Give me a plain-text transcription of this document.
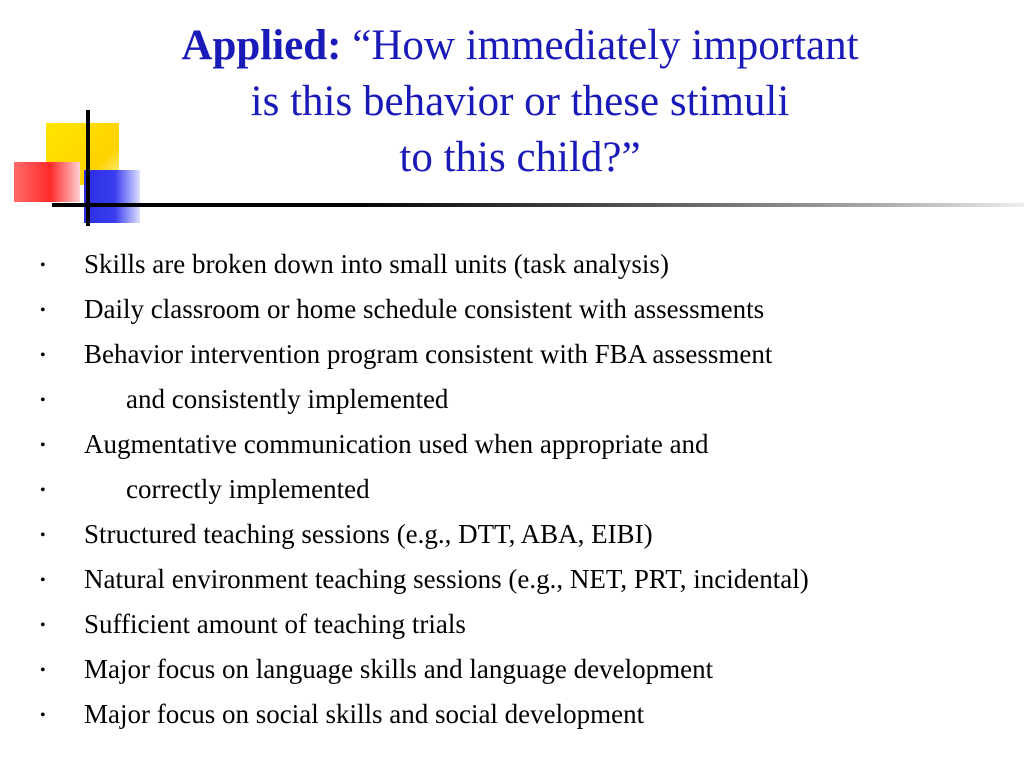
Applied: “How immediately important
is this behavior or these stimuli
to this child?”
•	Skills are broken down into small units (task analysis)
•	Daily classroom or home schedule consistent with assessments
•	Behavior intervention program consistent with FBA assessment
•	and consistently implemented
•	Augmentative communication used when appropriate and
•	correctly implemented
•	Structured teaching sessions (e.g., DTT, ABA, EIBI)
•	Natural environment teaching sessions (e.g., NET, PRT, incidental)
•	Sufficient amount of teaching trials
•	Major focus on language skills and language development
•	Major focus on social skills and social development
